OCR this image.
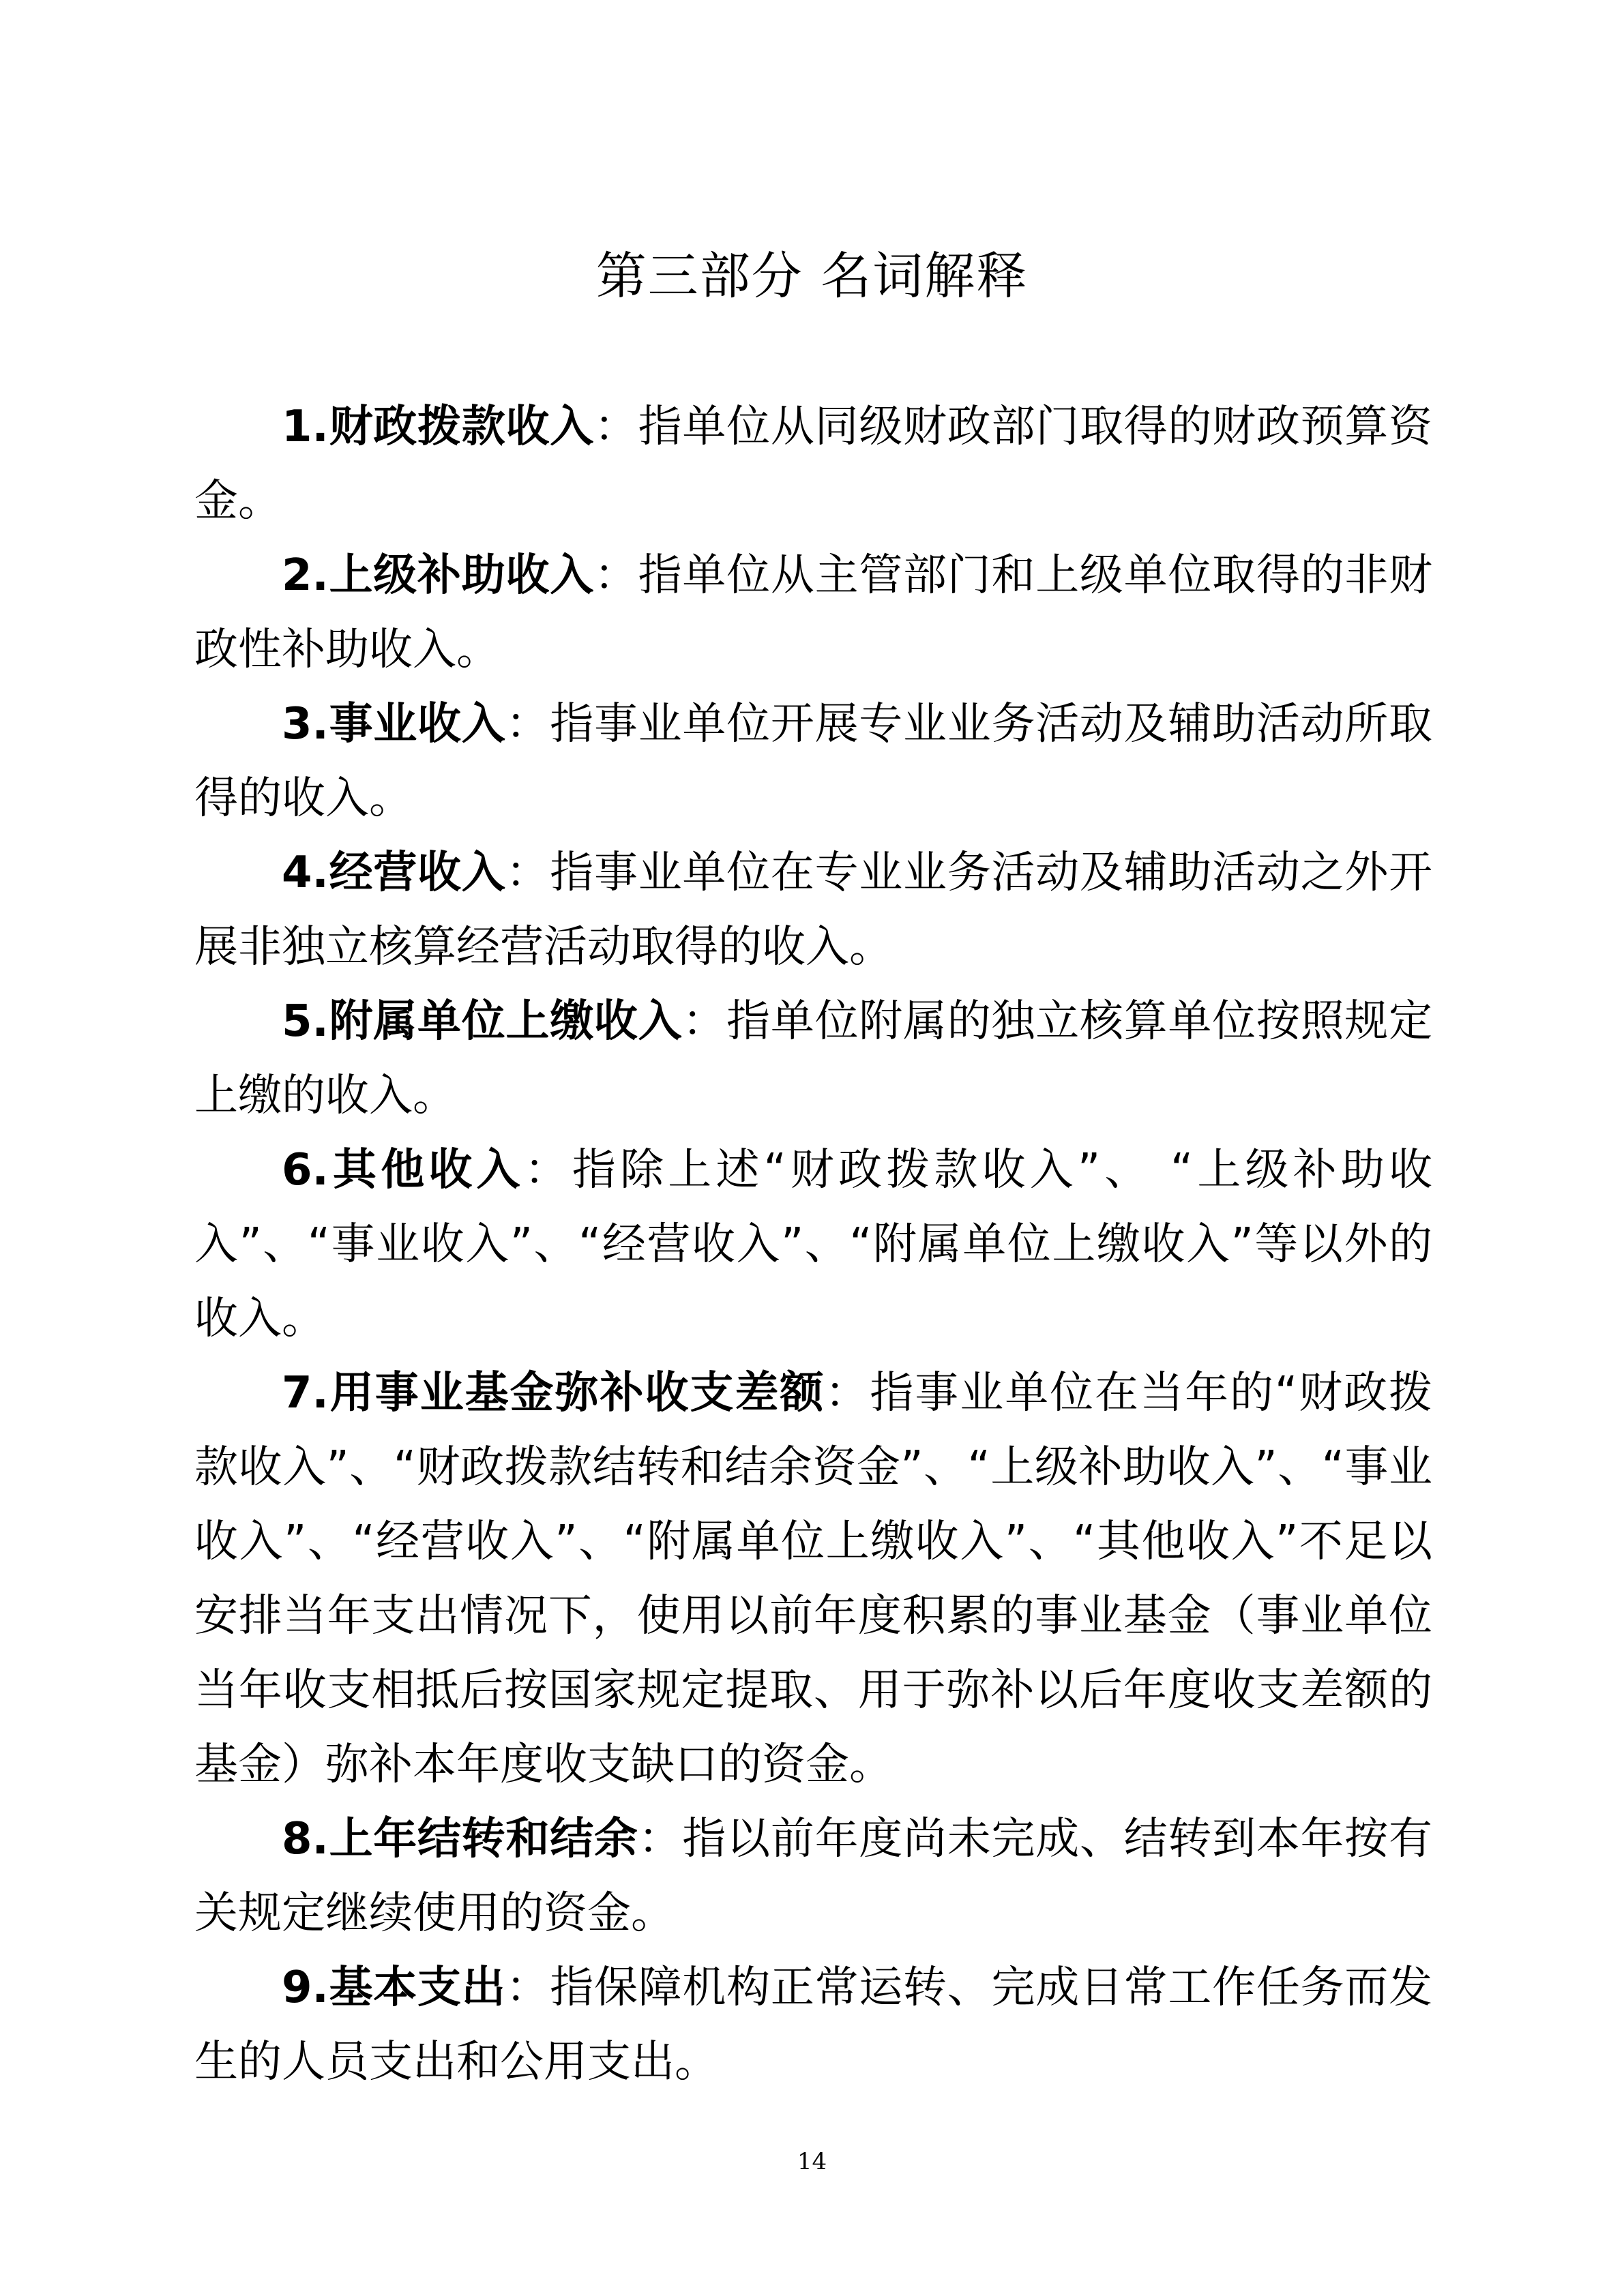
第三部分 名词解释

1.财政拨款收入：指单位从同级财政部门取得的财政预算资金。

2.上级补助收入：指单位从主管部门和上级单位取得的非财政性补助收入。

3.事业收入：指事业单位开展专业业务活动及辅助活动所取得的收入。

4.经营收入：指事业单位在专业业务活动及辅助活动之外开展非独立核算经营活动取得的收入。

5.附属单位上缴收入：指单位附属的独立核算单位按照规定上缴的收入。

6.其他收入：指除上述“财政拨款收入”、 “上级补助收入”、“事业收入”、“经营收入”、“附属单位上缴收入”等以外的收入。

7.用事业基金弥补收支差额：指事业单位在当年的“财政拨款收入”、“财政拨款结转和结余资金”、“上级补助收入”、“事业收入”、“经营收入”、“附属单位上缴收入”、“其他收入”不足以安排当年支出情况下，使用以前年度积累的事业基金（事业单位当年收支相抵后按国家规定提取、用于弥补以后年度收支差额的基金）弥补本年度收支缺口的资金。

8.上年结转和结余：指以前年度尚未完成、结转到本年按有关规定继续使用的资金。

9.基本支出：指保障机构正常运转、完成日常工作任务而发生的人员支出和公用支出。

14
